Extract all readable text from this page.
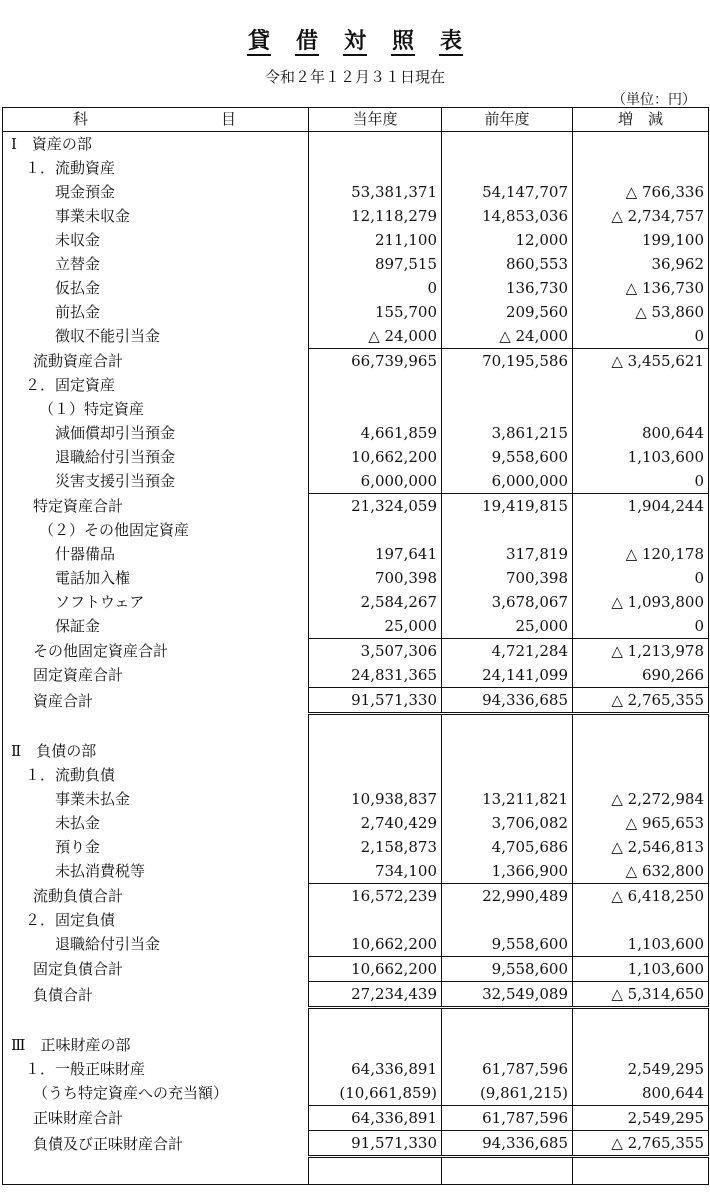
貸 借 対 照 表
令和２年１２月３１日現在
（単位：円）
科 目	当年度	前年度	増　減
Ⅰ　資産の部			
１．流動資産			
現金預金	53,381,371	54,147,707	△ 766,336
事業未収金	12,118,279	14,853,036	△ 2,734,757
未収金	211,100	12,000	199,100
立替金	897,515	860,553	36,962
仮払金	0	136,730	△ 136,730
前払金	155,700	209,560	△ 53,860
徴収不能引当金	△ 24,000	△ 24,000	0
流動資産合計	66,739,965	70,195,586	△ 3,455,621
２．固定資産			
（１）特定資産			
減価償却引当預金	4,661,859	3,861,215	800,644
退職給付引当預金	10,662,200	9,558,600	1,103,600
災害支援引当預金	6,000,000	6,000,000	0
特定資産合計	21,324,059	19,419,815	1,904,244
（２）その他固定資産			
什器備品	197,641	317,819	△ 120,178
電話加入権	700,398	700,398	0
ソフトウェア	2,584,267	3,678,067	△ 1,093,800
保証金	25,000	25,000	0
その他固定資産合計	3,507,306	4,721,284	△ 1,213,978
固定資産合計	24,831,365	24,141,099	690,266
資産合計	91,571,330	94,336,685	△ 2,765,355

Ⅱ　負債の部			
１．流動負債			
事業未払金	10,938,837	13,211,821	△ 2,272,984
未払金	2,740,429	3,706,082	△ 965,653
預り金	2,158,873	4,705,686	△ 2,546,813
未払消費税等	734,100	1,366,900	△ 632,800
流動負債合計	16,572,239	22,990,489	△ 6,418,250
２．固定負債			
退職給付引当金	10,662,200	9,558,600	1,103,600
固定負債合計	10,662,200	9,558,600	1,103,600
負債合計	27,234,439	32,549,089	△ 5,314,650

Ⅲ　正味財産の部			
１．一般正味財産	64,336,891	61,787,596	2,549,295
（うち特定資産への充当額）	(10,661,859)	(9,861,215)	800,644
正味財産合計	64,336,891	61,787,596	2,549,295
負債及び正味財産合計	91,571,330	94,336,685	△ 2,765,355
